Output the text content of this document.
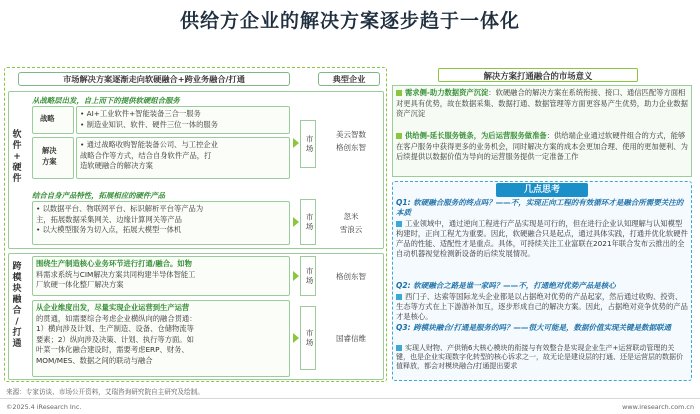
供给方企业的解决方案逐步趋于一体化
市场解决方案逐渐走向软硬融合+跨业务融合/打通	典型企业
软
件
+
硬
件
从战略层出发，自上而下的提供软硬组合服务
战略
• AI+工业软件+智能装备三合一服务
• 制造业知识、软件、硬件三位一体的服务
解决
方案
• 通过战略收购智能装备公司、与工控企业
战略合作等方式，结合自身软件产品，打
造软硬融合的解决方案
市场	美云智数
格创东智
结合自身产品特性，拓展相应的硬件产品
• 以数据平台、物联网平台、标识解析平台等产品为
主，拓展数据采集网关、边缘计算网关等产品
• 以大模型服务为切入点，拓展大模型一体机	市场	忽米
雪浪云
跨
模
块
融
合
/
打
通
围绕生产制造核心业务环节进行打通/融合。如物
料需求系统与CIM解决方案共同构建半导体智能工
厂软硬一体化整厂解决方案	市场	格创东智
从企业维度出发，尽量实现企业运营到生产运营
的贯通，如需要综合考虑企业横纵向的融合贯通：
1）横向涉及计划、生产制造、设备、仓储物流等
要素；2）纵向涉及决策、计划、执行等方面。如
叶菜一体化融合建设时，需要考虑ERP、财务、
MOM/MES、数据之间的联动与融合
市场	国睿信维
解决方案打通融合的市场意义
需求侧-助力数据资产沉淀：软硬融合的解决方案在系统衔接、接口、通信匹配等方面相对更具有优势，故在数据采集、数据打通、数据管理等方面更容易产生优势，助力企业数据资产沉淀
供给侧-延长服务链条，为后运营服务做准备：供给端企业通过软硬件组合的方式，能够在客户服务中获得更多的业务机会，同时解决方案的成本会更加合理、使用的更加便利、为后续提供以数据价值为导向的运营服务提供一定准备工作
几点思考
Q1: 软硬融合服务的终点吗？——不，实现正向工程的有效循环才是融合所需要关注的本质
工业领域中，通过逆向工程进行产品实现是可行的，但在进行企业认知理解与认知模型构建时，正向工程尤为重要。因此，软硬融合只是起点，通过具体实践，打通并优化软硬件产品的性能、适配性才是重点。具体，可持续关注工业富联在2021年联合发布云推出的全自动机器视觉检测新设备的后续发展情况。
Q2: 软硬融合之路是谁一家吗？——不，打通绝对优势产品是核心
西门子、达索等国际龙头企业都是以占据绝对优势的产品起家，然后通过收购、投资、生态等方式在上下游游补加互，逐步形成自己的解决方案。因此，占据绝对竞争优势的产品才是核心。
Q3: 跨模块融合/打通是服务的吗？——很大可能是，数据价值实现关键是数据联通
实现人财物、产供销6大核心模块的衔接与有效整合是实现企业生产+运营联动管理的关键，也是企业实现数字化转型的核心诉求之一，故无论是建设层的打通、还是运营层的数据价值释放，都会对模块融合/打通提出要求
来源：专家访谈、市场公开资料，艾瑞咨询研究院自主研究及绘制。
©2025.4 iResearch Inc.	www.iresearch.com.cn
